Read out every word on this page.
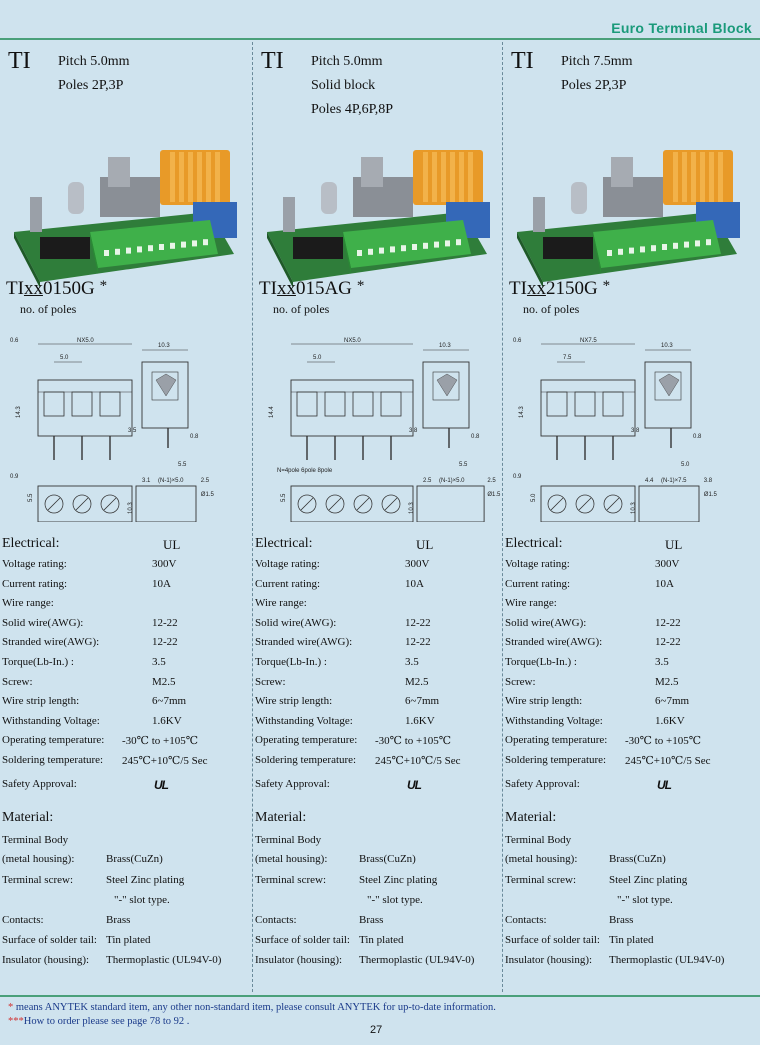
Euro Terminal Block
TI Pitch 5.0mm
Poles 2P,3P
TIxx0150G *
no. of poles
NX5.0
5.0
0.6
14.3
0.9
10.3
3.5
0.8
5.5
5.5
3.1 (N-1)×5.0	2.5
Ø1.5
10.3
Electrical:	UL
Voltage rating:	300V
Current rating:	10A
Wire range:
Solid wire(AWG):	12-22
Stranded wire(AWG):	12-22
Torque(Lb-In.) :	3.5
Screw:	M2.5
Wire strip length:	6~7mm
Withstanding Voltage:	1.6KV
Operating temperature: -30℃ to +105℃
Soldering temperature: 245℃+10℃/5 Sec
Safety Approval:	UL
Material:
Terminal Body
(metal housing):	Brass(CuZn)
Terminal screw:	Steel Zinc plating
"-" slot type.
Contacts:	Brass
Surface of solder tail: Tin plated
Insulator (housing): Thermoplastic (UL94V-0)
TI Pitch 5.0mm
Solid block
Poles 4P,6P,8P
TIxx015AG *
no. of poles
NX5.0
5.0
14.4
10.3
3.8
0.8
5.5
N=4pole 6pole 8pole
5.5
2.5 (N-1)×5.0	2.5
Ø1.5
10.3
Electrical:	UL
Voltage rating:	300V
Current rating:	10A
Wire range:
Solid wire(AWG):	12-22
Stranded wire(AWG):	12-22
Torque(Lb-In.) :	3.5
Screw:	M2.5
Wire strip length:	6~7mm
Withstanding Voltage:	1.6KV
Operating temperature: -30℃ to +105℃
Soldering temperature: 245℃+10℃/5 Sec
Safety Approval:	UL
Material:
Terminal Body
(metal housing):	Brass(CuZn)
Terminal screw:	Steel Zinc plating
"-" slot type.
Contacts:	Brass
Surface of solder tail: Tin plated
Insulator (housing): Thermoplastic (UL94V-0)
TI Pitch 7.5mm
Poles 2P,3P
TIxx2150G *
no. of poles
NX7.5
7.5
0.6
14.3
0.9
10.3
3.8
0.8
5.0
5.0
4.4 (N-1)×7.5	3.8
Ø1.5
10.3
Electrical:	UL
Voltage rating:	300V
Current rating:	10A
Wire range:
Solid wire(AWG):	12-22
Stranded wire(AWG):	12-22
Torque(Lb-In.) :	3.5
Screw:	M2.5
Wire strip length:	6~7mm
Withstanding Voltage:	1.6KV
Operating temperature: -30℃ to +105℃
Soldering temperature: 245℃+10℃/5 Sec
Safety Approval:	UL
Material:
Terminal Body
(metal housing):	Brass(CuZn)
Terminal screw:	Steel Zinc plating
"-" slot type.
Contacts:	Brass
Surface of solder tail: Tin plated
Insulator (housing): Thermoplastic (UL94V-0)
* means ANYTEK standard item, any other non-standard item, please consult ANYTEK for up-to-date information.
***How to order please see page 78 to 92 .
27
